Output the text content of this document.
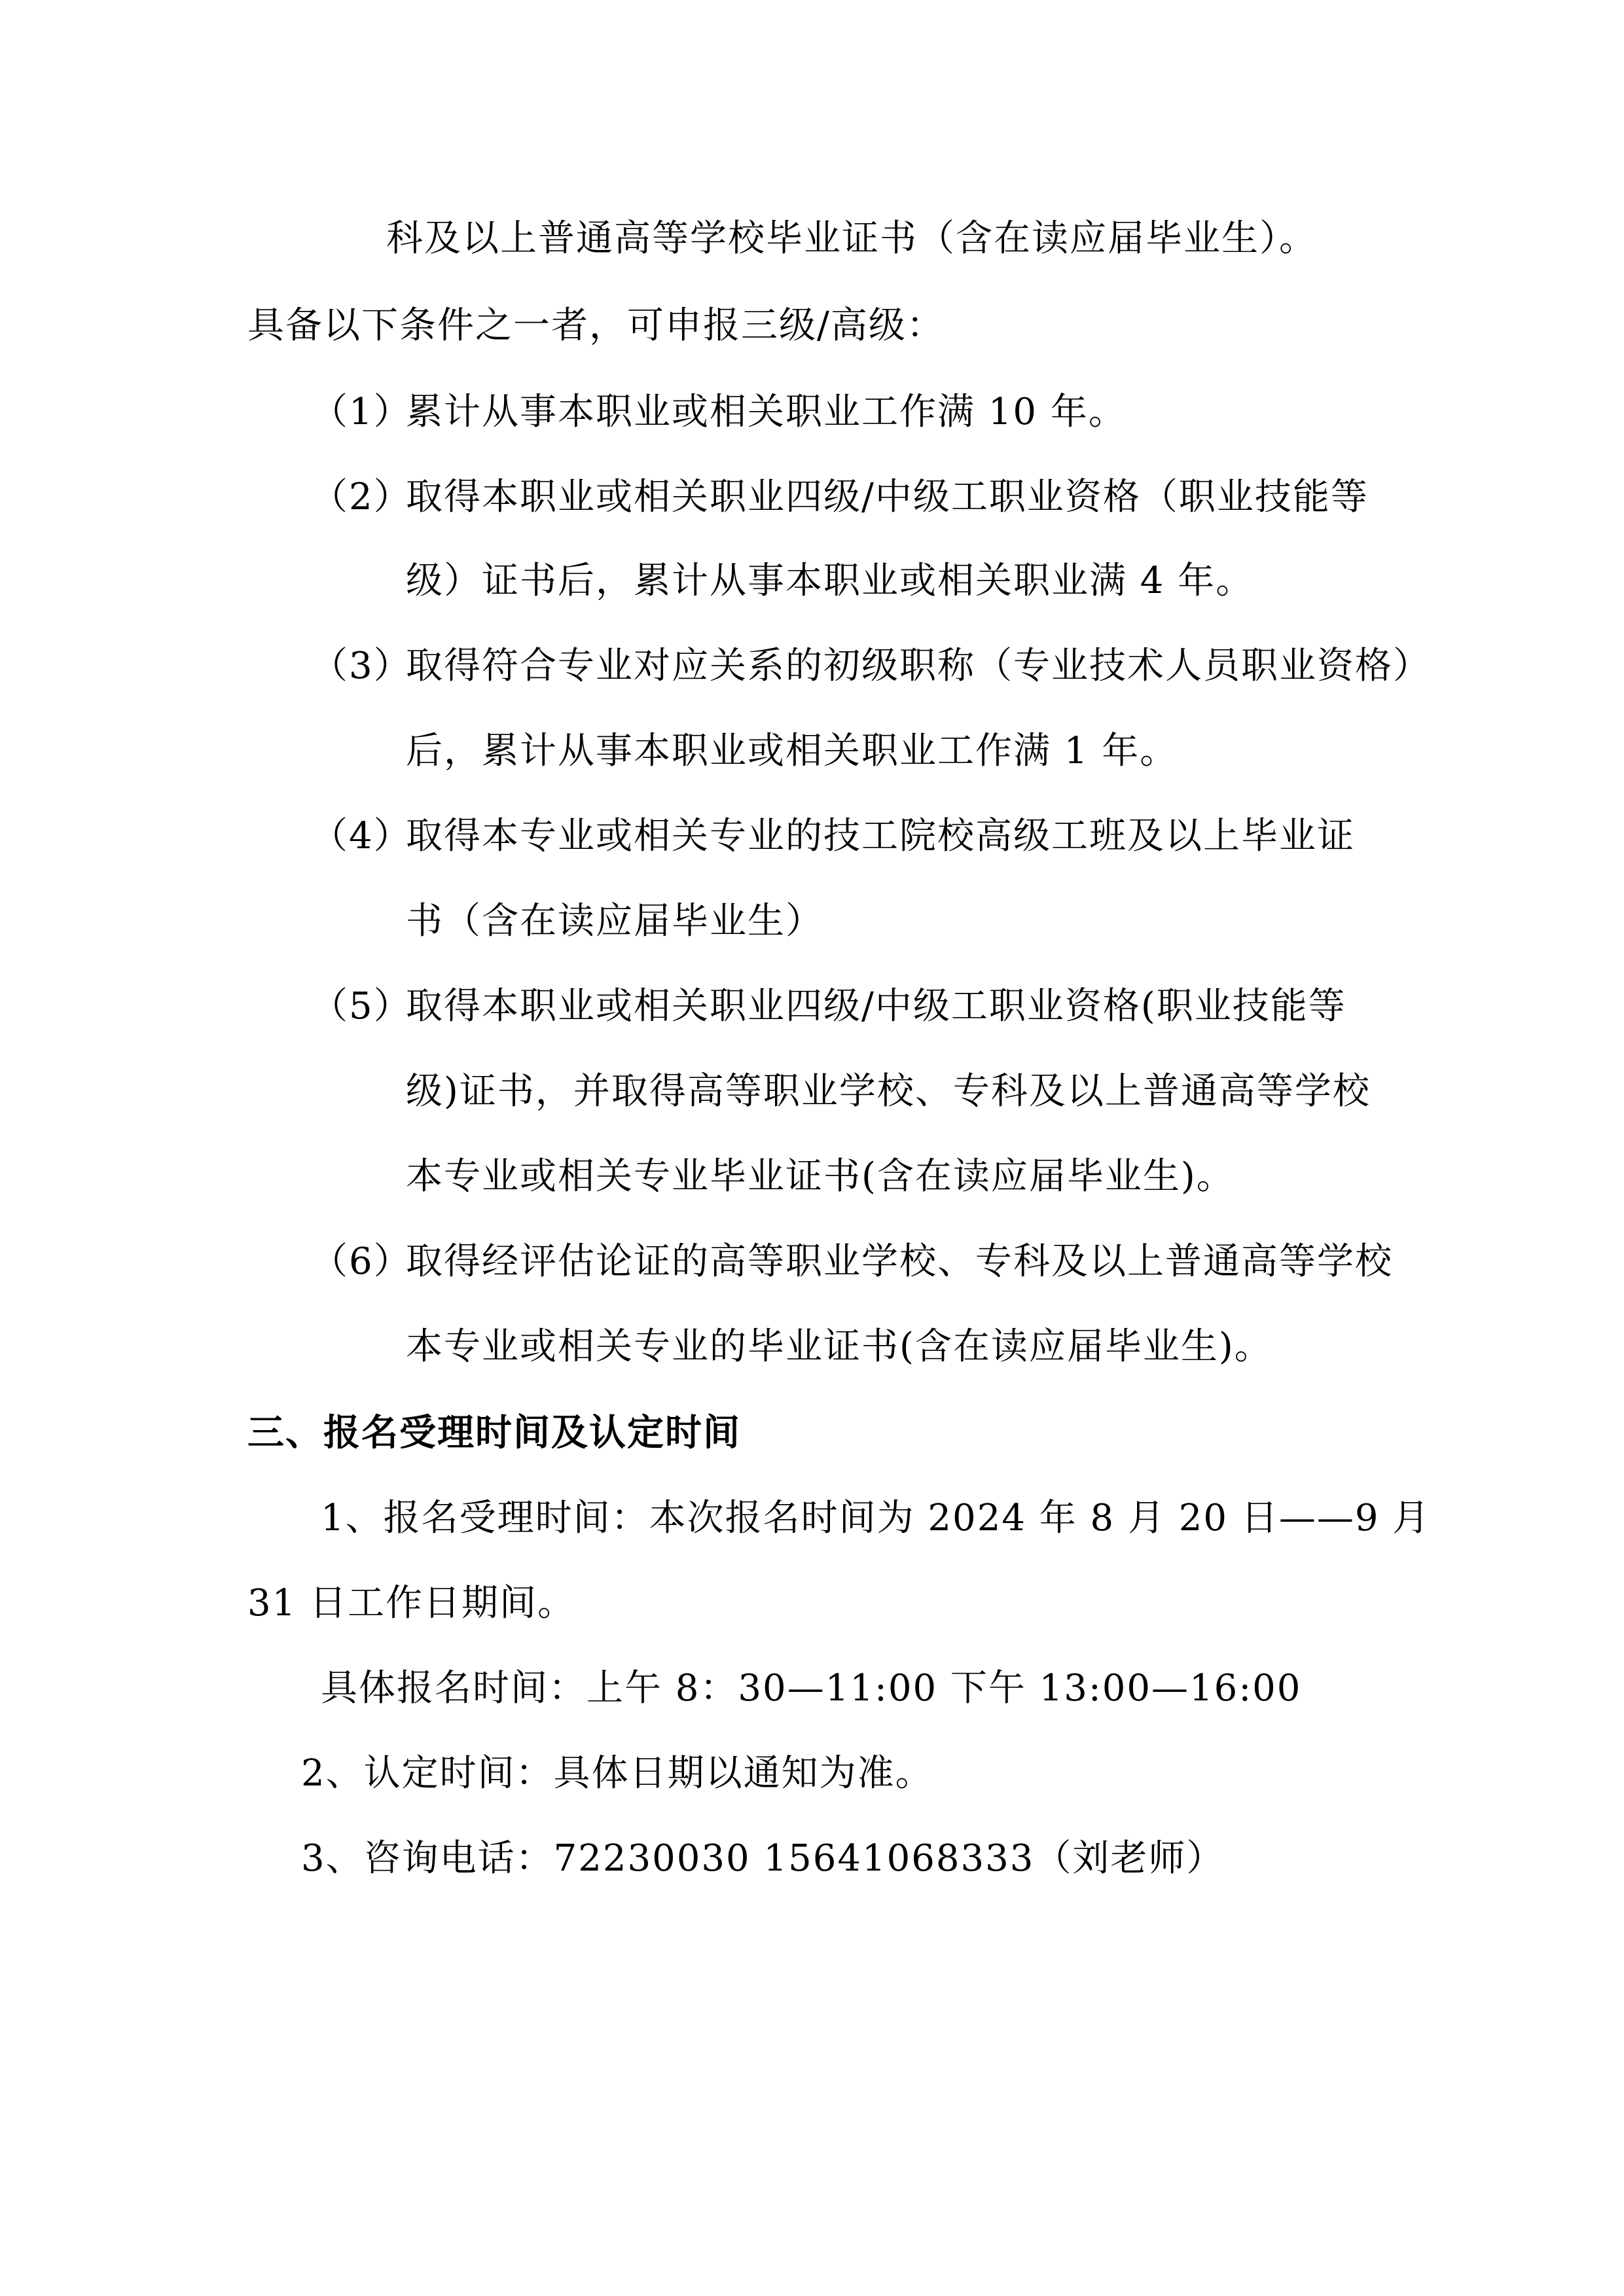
科及以上普通高等学校毕业证书（含在读应届毕业生）。
具备以下条件之一者，可申报三级/高级：
（1）
累计从事本职业或相关职业工作满 10 年。
（2）
取得本职业或相关职业四级/中级工职业资格（职业技能等
级）证书后，累计从事本职业或相关职业满 4 年。
（3）
取得符合专业对应关系的初级职称（专业技术人员职业资格）
后，累计从事本职业或相关职业工作满 1 年。
（4）
取得本专业或相关专业的技工院校高级工班及以上毕业证
书（含在读应届毕业生）
（5）
取得本职业或相关职业四级/中级工职业资格(职业技能等
级)证书，并取得高等职业学校、专科及以上普通高等学校
本专业或相关专业毕业证书(含在读应届毕业生)。
（6）
取得经评估论证的高等职业学校、专科及以上普通高等学校
本专业或相关专业的毕业证书(含在读应届毕业生)。
三、报名受理时间及认定时间
1、报名受理时间：本次报名时间为 2024 年 8 月 20 日——9 月
31 日工作日期间。
具体报名时间：上午 8：30—11:00 下午 13:00—16:00
2、认定时间：具体日期以通知为准。
3、咨询电话：72230030 15641068333（刘老师）
